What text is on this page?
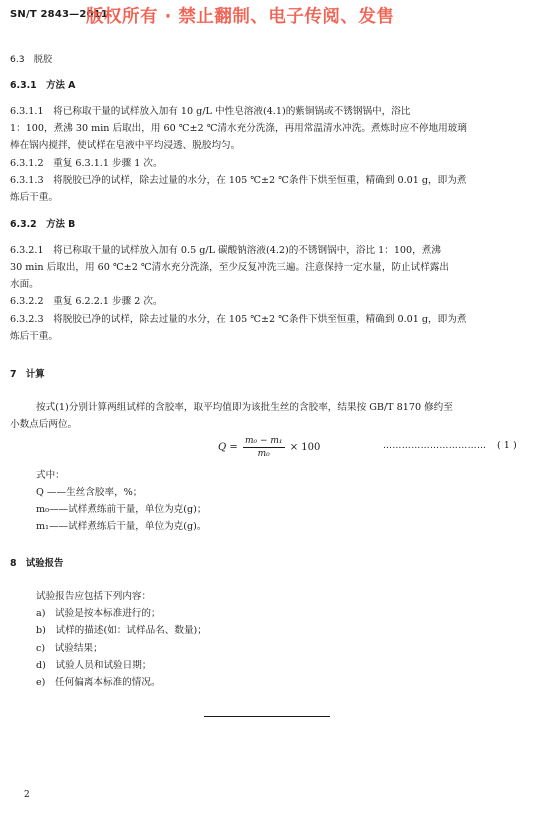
SN/T 2843—2011
版权所有 · 禁止翻制、电子传阅、发售
6.3　脱胶
6.3.1　方法 A
6.3.1.1　将已称取干量的试样放入加有 10 g/L 中性皂溶液(4.1)的紫铜锅或不锈钢锅中，浴比
1：100，煮沸 30 min 后取出，用 60 ℃±2 ℃清水充分洗涤，再用常温清水冲洗。煮炼时应不停地用玻璃
棒在锅内搅拌，使试样在皂液中平均浸透、脱胶均匀。
6.3.1.2　重复 6.3.1.1 步骤 1 次。
6.3.1.3　将脱胶已净的试样，除去过量的水分，在 105 ℃±2 ℃条件下烘至恒重，精确到 0.01 g，即为煮
炼后干重。
6.3.2　方法 B
6.3.2.1　将已称取干量的试样放入加有 0.5 g/L 碳酸钠溶液(4.2)的不锈钢锅中，浴比 1：100，煮沸
30 min 后取出，用 60 ℃±2 ℃清水充分洗涤，至少反复冲洗三遍。注意保持一定水量，防止试样露出
水面。
6.3.2.2　重复 6.2.2.1 步骤 2 次。
6.3.2.3　将脱胶已净的试样，除去过量的水分，在 105 ℃±2 ℃条件下烘至恒重，精确到 0.01 g，即为煮
炼后干重。
7　计算
按式(1)分别计算两组试样的含胶率，取平均值即为该批生丝的含胶率，结果按 GB/T 8170 修约至
小数点后两位。
$Q = \frac{\text{m₀ − m₁}}{\text{m₀}} \times 100$	…………………………… ( 1 )
式中：
Q ——生丝含胶率，%；
m₀——试样煮练前干量，单位为克(g)；
m₁——试样煮练后干量，单位为克(g)。
8　试验报告
试验报告应包括下列内容：
a)　试验是按本标准进行的；
b)　试样的描述(如：试样品名、数量)；
c)　试验结果；
d)　试验人员和试验日期；
e)　任何偏离本标准的情况。
2
